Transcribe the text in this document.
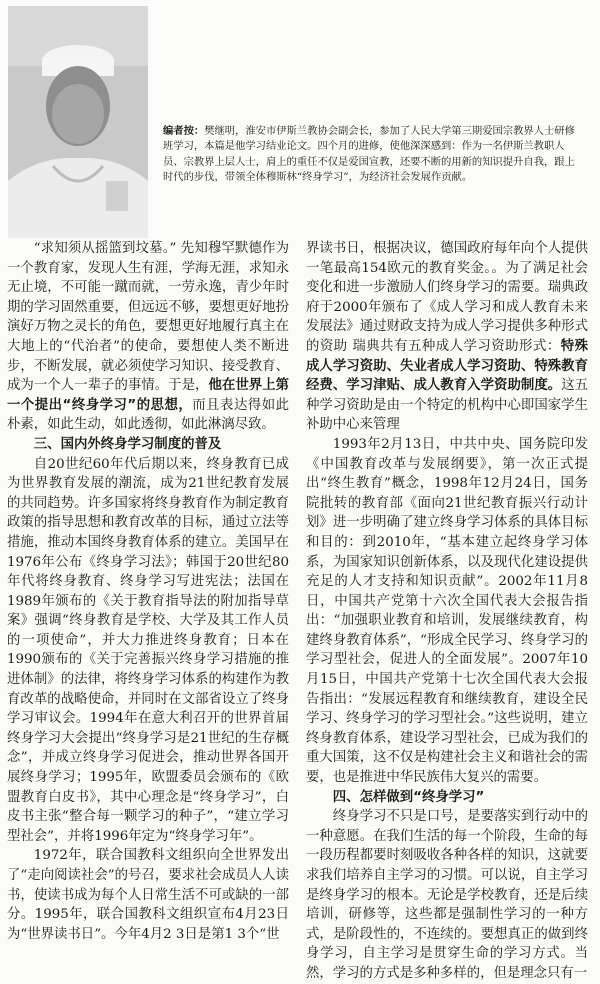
编者按：樊继明，淮安市伊斯兰教协会副会长，参加了人民大学第三期爱国宗教界人士研修班学习，本篇是他学习结业论文。四个月的进修，使他深深感到：作为一名伊斯兰教职人员、宗教界上层人士，肩上的重任不仅是爱国宣教，还要不断的用新的知识提升自我，跟上时代的步伐，带领全体穆斯林“终身学习”，为经济社会发展作贡献。

“求知须从摇篮到坟墓。” 先知穆罕默德作为一个教育家，发现人生有涯，学海无涯，求知永无止境，不可能一蹴而就，一劳永逸，青少年时期的学习固然重要，但远远不够，要想更好地扮演好万物之灵长的角色，要想更好地履行真主在大地上的“代治者”的使命，要想使人类不断进步，不断发展，就必须使学习知识、接受教育、成为一个人一辈子的事情。于是，他在世界上第一个提出“终身学习”的思想，而且表达得如此朴素，如此生动，如此透彻，如此淋漓尽致。

三、国内外终身学习制度的普及

自20世纪60年代后期以来，终身教育已成为世界教育发展的潮流，成为21世纪教育发展的共同趋势。许多国家将终身教育作为制定教育政策的指导思想和教育改革的目标，通过立法等措施，推动本国终身教育体系的建立。美国早在1976年公布《终身学习法》；韩国于20世纪80年代将终身教育、终身学习写进宪法；法国在1989年颁布的《关于教育指导法的附加指导草案》强调“终身教育是学校、大学及其工作人员的一项使命”，并大力推进终身教育；日本在1990颁布的《关于完善振兴终身学习措施的推进体制》的法律，将终身学习体系的构建作为教育改革的战略使命，并同时在文部省设立了终身学习审议会。1994年在意大利召开的世界首届终身学习大会提出“终身学习是21世纪的生存概念”，并成立终身学习促进会，推动世界各国开展终身学习；1995年，欧盟委员会颁布的《欧盟教育白皮书》，其中心理念是“终身学习”，白皮书主张“整合每一颗学习的种子”，“建立学习型社会”，并将1996年定为“终身学习年”。

1972年，联合国教科文组织向全世界发出了“走向阅读社会”的号召，要求社会成员人人读书，使读书成为每个人日常生活不可或缺的一部分。1995年，联合国教科文组织宣布4月23日为“世界读书日”。今年4月2 3日是第1 3个“世

界读书日，根据决议，德国政府每年向个人提供一笔最高154欧元的教育奖金。。为了满足社会变化和进一步激励人们终身学习的需要。瑞典政府于2000年颁布了《成人学习和成人教育未来发展法》通过财政支持为成人学习提供多种形式的资助 瑞典共有五种成人学习资助形式：特殊成人学习资助、失业者成人学习资助、特殊教育经费、学习津贴、成人教育入学资助制度。这五种学习资助是由一个特定的机构中心即国家学生补助中心来管理

1993年2月13日，中共中央、国务院印发《中国教育改革与发展纲要》，第一次正式提出“终生教育”概念，1998年12月24日，国务院批转的教育部《面向21世纪教育振兴行动计划》进一步明确了建立终身学习体系的具体目标和目的：到2010年，“基本建立起终身学习体系，为国家知识创新体系，以及现代化建设提供充足的人才支持和知识贡献”。2002年11月8日，中国共产党第十六次全国代表大会报告指出：“加强职业教育和培训，发展继续教育，构建终身教育体系”，“形成全民学习、终身学习的学习型社会，促进人的全面发展”。2007年10月15日，中国共产党第十七次全国代表大会报告指出：“发展远程教育和继续教育，建设全民学习、终身学习的学习型社会。”这些说明，建立终身教育体系，建设学习型社会，已成为我们的重大国策，这不仅是构建社会主义和谐社会的需要，也是推进中华民族伟大复兴的需要。

四、怎样做到“终身学习”

终身学习不只是口号，是要落实到行动中的一种意愿。在我们生活的每一个阶段，生命的每一段历程都要时刻吸收各种各样的知识，这就要求我们培养自主学习的习惯。可以说，自主学习是终身学习的根本。无论是学校教育，还是后续培训，研修等，这些都是强制性学习的一种方式，是阶段性的，不连续的。要想真正的做到终身学习，自主学习是贯穿生命的学习方式。当然，学习的方式是多种多样的，但是理念只有一
